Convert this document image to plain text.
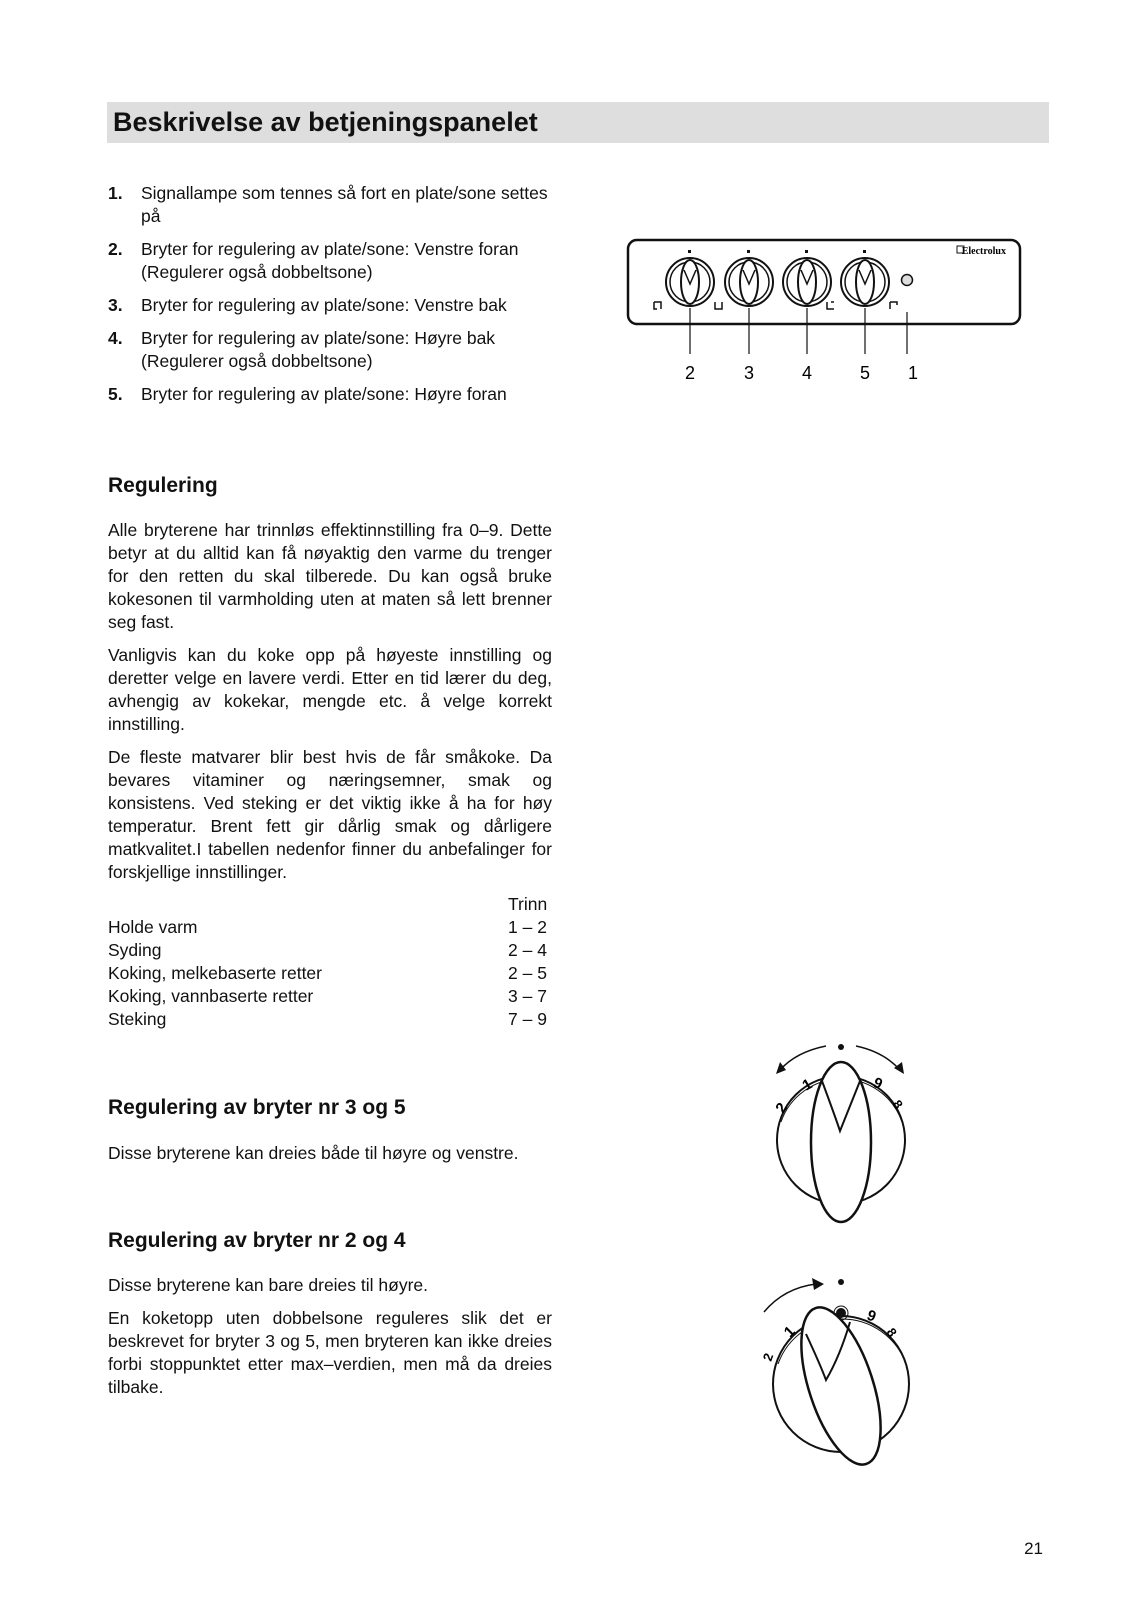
Beskrivelse av betjeningspanelet
1. Signallampe som tennes så fort en plate/sone settes på
2. Bryter for regulering av plate/sone: Venstre foran (Regulerer også dobbeltsone)
3. Bryter for regulering av plate/sone: Venstre bak
4. Bryter for regulering av plate/sone: Høyre bak (Regulerer også dobbeltsone)
5. Bryter for regulering av plate/sone: Høyre foran
Electrolux
2	3	4	5 1
Regulering

Alle bryterene har trinnløs effektinnstilling fra 0–9. Dette betyr at du alltid kan få nøyaktig den varme du trenger for den retten du skal tilberede. Du kan også bruke kokesonen til varmholding uten at maten så lett brenner seg fast.

Vanligvis kan du koke opp på høyeste innstilling og deretter velge en lavere verdi. Etter en tid lærer du deg, avhengig av kokekar, mengde etc. å velge korrekt innstilling.

De fleste matvarer blir best hvis de får småkoke. Da bevares vitaminer og næringsemner, smak og konsistens. Ved steking er det viktig ikke å ha for høy temperatur. Brent fett gir dårlig smak og dårligere matkvalitet.I tabellen nedenfor finner du anbefalinger for forskjellige innstillinger.

Trinn
Holde varm	1 – 2
Syding	2 – 4
Koking, melkebaserte retter	2 – 5
Koking, vannbaserte retter	3 – 7
Steking	7 – 9
Regulering av bryter nr 3 og 5

Disse bryterene kan dreies både til høyre og venstre.

Regulering av bryter nr 2 og 4

Disse bryterene kan bare dreies til høyre.

En koketopp uten dobbelsone reguleres slik det er beskrevet for bryter 3 og 5, men bryteren kan ikke dreies forbi stoppunktet etter max–verdien, men må da dreies tilbake.

2
1	9
8
2
1
9
8
21
